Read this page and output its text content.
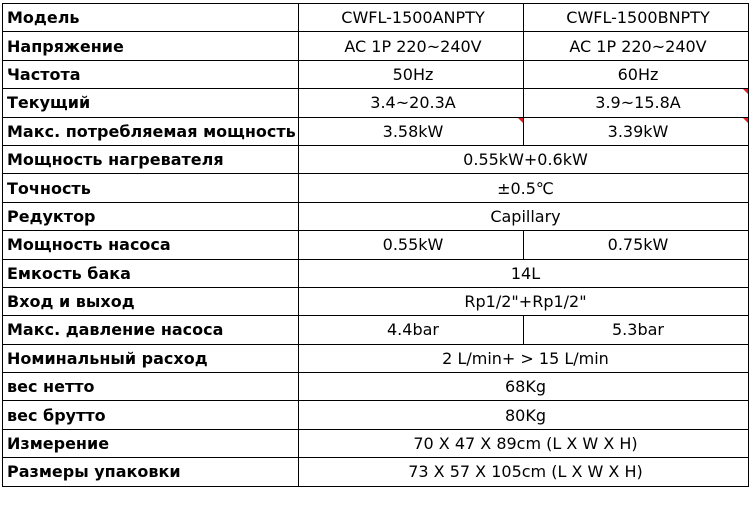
Модель	CWFL-1500ANPTY	CWFL-1500BNPTY
Напряжение	AC 1P 220~240V	AC 1P 220~240V
Частота	50Hz	60Hz
Текущий	3.4~20.3A	3.9~15.8A

Макс. потребляемая мощность	3.58kW	3.39kW

Мощность нагревателя	0.55kW+0.6kW	
Точность	±0.5℃	
Редуктор	Capillary	
Мощность насоса	0.55kW	0.75kW
Емкость бака	14L	
Вход и выход	Rp1/2"+Rp1/2"	
Макс. давление насоса	4.4bar	5.3bar
Номинальный расход	2 L/min+ > 15 L/min	
вес нетто	68Kg	
вес брутто	80Kg	
Измерение	70 X 47 X 89cm (L X W X H)	
Размеры упаковки	73 X 57 X 105cm (L X W X H)	
